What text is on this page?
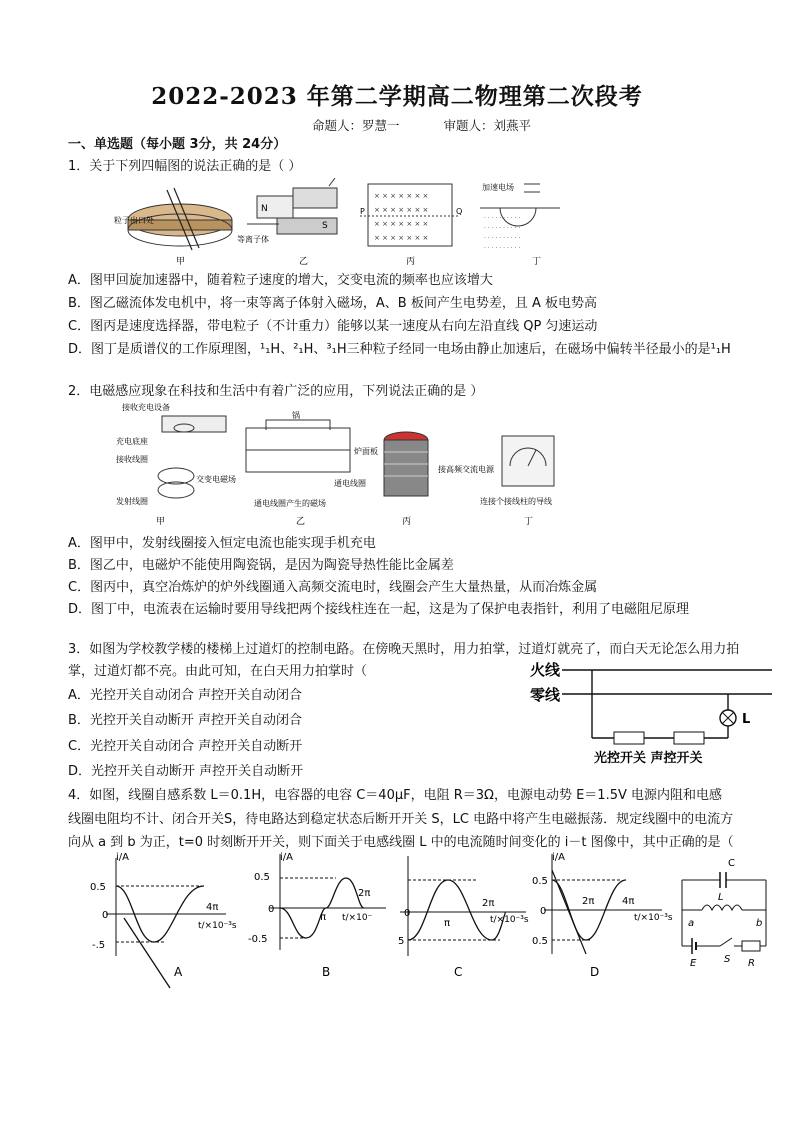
2022-2023 年第二学期高二物理第二次段考
命题人：罗慧一	审题人：刘燕平
一、单选题（每小题 3分，共 24分）
1．关于下列四幅图的说法正确的是（ ）
粒子出口处
甲
N
S
等离子体
乙
× × × × × × ×
× × × × × × ×
× × × × × × ×
× × × × × × ×
P	Q
丙
加速电场
· · · · · · · · · ·
· · · · · · · · · ·
· · · · · · · · · ·
· · · · · · · · · ·
丁
A．图甲回旋加速器中，随着粒子速度的增大，交变电流的频率也应该增大
B．图乙磁流体发电机中，将一束等离子体射入磁场，A、B 板间产生电势差，且 A 板电势高
C．图丙是速度选择器，带电粒子（不计重力）能够以某一速度从右向左沿直线 QP 匀速运动
D．图丁是质谱仪的工作原理图，¹₁H、²₁H、³₁H三种粒子经同一电场由静止加速后，在磁场中偏转半径最小的是¹₁H
2．电磁感应现象在科技和生活中有着广泛的应用，下列说法正确的是 ）
接收充电设备
充电底座
接收线圈
交变电磁场
发射线圈
甲
锅
炉面板
通电线圈
通电线圈产生的磁场
乙
接高频交流电源
丙
连接个接线柱的导线
丁
A．图甲中，发射线圈接入恒定电流也能实现手机充电
B．图乙中，电磁炉不能使用陶瓷锅，是因为陶瓷导热性能比金属差
C．图丙中，真空冶炼炉的炉外线圈通入高频交流电时，线圈会产生大量热量，从而冶炼金属
D．图丁中，电流表在运输时要用导线把两个接线柱连在一起，这是为了保护电表指针，利用了电磁阻尼原理
3．如图为学校教学楼的楼梯上过道灯的控制电路。在傍晚天黑时，用力拍掌，过道灯就亮了，而白天无论怎么用力拍
掌，过道灯都不亮。由此可知，在白天用力拍掌时（
A．光控开关自动闭合 声控开关自动闭合
B．光控开关自动断开 声控开关自动闭合
C．光控开关自动闭合 声控开关自动断开
D．光控开关自动断开 声控开关自动断开
火线
零线
L
光控开关 声控开关
4．如图，线圈自感系数 L＝0.1H，电容器的电容 C＝40μF，电阻 R＝3Ω，电源电动势 E＝1.5V 电源内阻和电感
线圈电阻均不计、闭合开关S，待电路达到稳定状态后断开开关 S，LC 电路中将产生电磁振荡．规定线圈中的电流方
向从 a 到 b 为正，t=0 时刻断开开关，则下面关于电感线圈 L 中的电流随时间变化的 i－t 图像中，其中正确的是（
i/A
0.5
0
-.5
4π
t/×10⁻³s
A
i/A
0.5
0
-0.5
π
2π
t/×10⁻
B
0
5
π
2π
t/×10⁻³s
C
i/A
0.5
0
0.5
2π	4π
t/×10⁻³s
D
C
L
a	b
E	S R
